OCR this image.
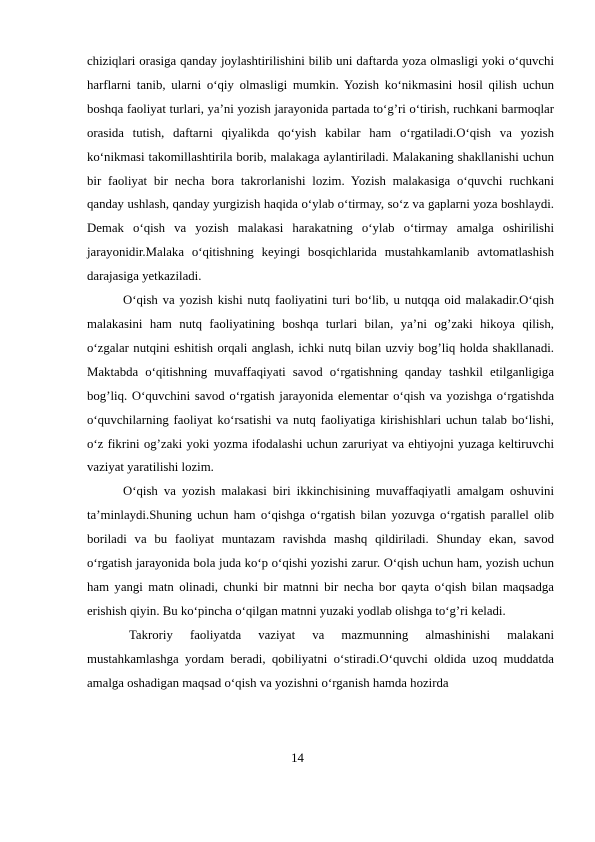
chiziqlari orasiga qanday joylashtirilishini bilib uni daftarda yoza olmasligi yoki o‘quvchi harflarni tanib, ularni o‘qiy olmasligi mumkin. Yozish ko‘nikmasini hosil qilish uchun boshqa faoliyat turlari, ya’ni yozish jarayonida partada to‘g’ri o‘tirish, ruchkani barmoqlar orasida tutish, daftarni qiyalikda qo‘yish kabilar ham o‘rgatiladi.O‘qish va yozish ko‘nikmasi takomillashtirila borib, malakaga aylantiriladi. Malakaning shakllanishi uchun bir faoliyat bir necha bora takrorlanishi lozim. Yozish malakasiga o‘quvchi ruchkani qanday ushlash, qanday yurgizish haqida o‘ylab o‘tirmay, so‘z va gaplarni yoza boshlaydi. Demak o‘qish va yozish malakasi harakatning o‘ylab o‘tirmay amalga oshirilishi jarayonidir.Malaka o‘qitishning keyingi bosqichlarida mustahkamlanib avtomatlashish darajasiga yetkaziladi.

O‘qish va yozish kishi nutq faoliyatini turi bo‘lib, u nutqqa oid malakadir.O‘qish malakasini ham nutq faoliyatining boshqa turlari bilan, ya’ni og’zaki hikoya qilish, o‘zgalar nutqini eshitish orqali anglash, ichki nutq bilan uzviy bog’liq holda shakllanadi. Maktabda o‘qitishning muvaffaqiyati savod o‘rgatishning qanday tashkil etilganligiga bog’liq. O‘quvchini savod o‘rgatish jarayonida elementar o‘qish va yozishga o‘rgatishda o‘quvchilarning faoliyat ko‘rsatishi va nutq faoliyatiga kirishishlari uchun talab bo‘lishi, o‘z fikrini og’zaki yoki yozma ifodalashi uchun zaruriyat va ehtiyojni yuzaga keltiruvchi vaziyat yaratilishi lozim.

O‘qish va yozish malakasi biri ikkinchisining muvaffaqiyatli amalgam oshuvini ta’minlaydi.Shuning uchun ham o‘qishga o‘rgatish bilan yozuvga o‘rgatish parallel olib boriladi va bu faoliyat muntazam ravishda mashq qildiriladi. Shunday ekan, savod o‘rgatish jarayonida bola juda ko‘p o‘qishi yozishi zarur. O‘qish uchun ham, yozish uchun ham yangi matn olinadi, chunki bir matnni bir necha bor qayta o‘qish bilan maqsadga erishish qiyin. Bu ko‘pincha o‘qilgan matnni yuzaki yodlab olishga to‘g’ri keladi.

Takroriy faoliyatda vaziyat va mazmunning almashinishi malakani mustahkamlashga yordam beradi, qobiliyatni o‘stiradi.O‘quvchi oldida uzoq muddatda amalga oshadigan maqsad o‘qish va yozishni o‘rganish hamda hozirda

14
